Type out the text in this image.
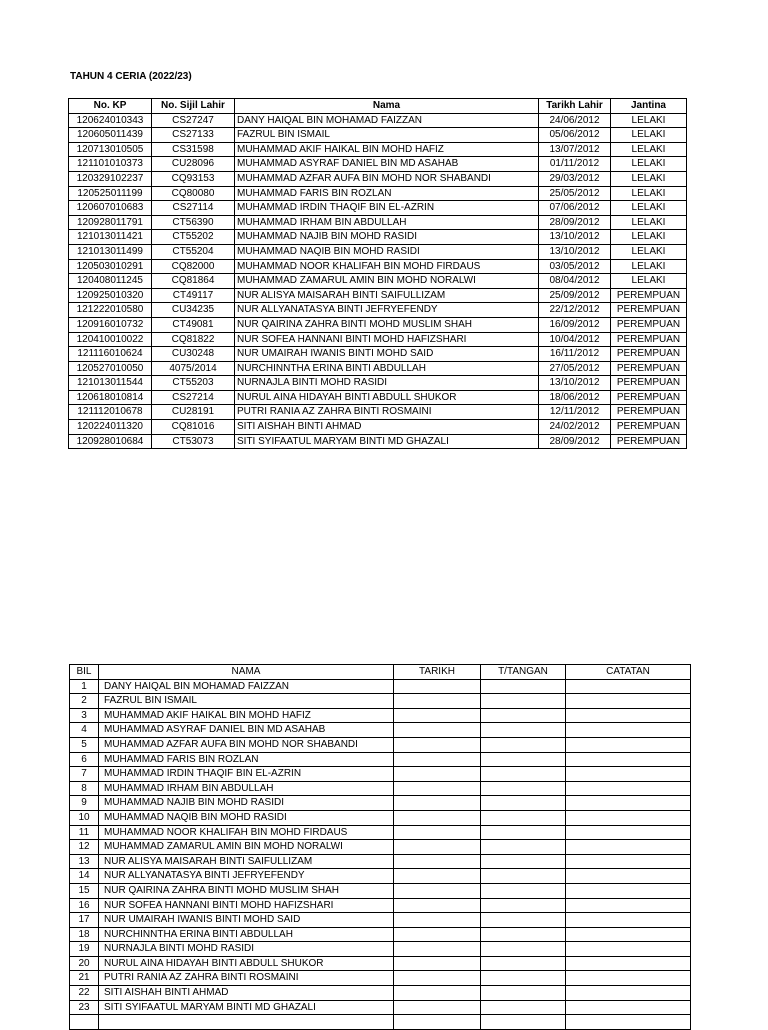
TAHUN 4 CERIA (2022/23)
No. KP	No. Sijil Lahir	Nama	Tarikh Lahir	Jantina
120624010343	CS27247	DANY HAIQAL BIN MOHAMAD FAIZZAN	24/06/2012	LELAKI
120605011439	CS27133	FAZRUL BIN ISMAIL	05/06/2012	LELAKI
120713010505	CS31598	MUHAMMAD AKIF HAIKAL BIN MOHD HAFIZ	13/07/2012	LELAKI
121101010373	CU28096	MUHAMMAD ASYRAF DANIEL BIN MD ASAHAB	01/11/2012	LELAKI
120329102237	CQ93153	MUHAMMAD AZFAR AUFA BIN MOHD NOR SHABANDI	29/03/2012	LELAKI
120525011199	CQ80080	MUHAMMAD FARIS BIN ROZLAN	25/05/2012	LELAKI
120607010683	CS27114	MUHAMMAD IRDIN THAQIF BIN EL-AZRIN	07/06/2012	LELAKI
120928011791	CT56390	MUHAMMAD IRHAM BIN ABDULLAH	28/09/2012	LELAKI
121013011421	CT55202	MUHAMMAD NAJIB BIN MOHD RASIDI	13/10/2012	LELAKI
121013011499	CT55204	MUHAMMAD NAQIB BIN MOHD RASIDI	13/10/2012	LELAKI
120503010291	CQ82000	MUHAMMAD NOOR KHALIFAH BIN MOHD FIRDAUS	03/05/2012	LELAKI
120408011245	CQ81864	MUHAMMAD ZAMARUL AMIN BIN MOHD NORALWI	08/04/2012	LELAKI
120925010320	CT49117	NUR ALISYA MAISARAH BINTI SAIFULLIZAM	25/09/2012	PEREMPUAN
121222010580	CU34235	NUR ALLYANATASYA BINTI JEFRYEFENDY	22/12/2012	PEREMPUAN
120916010732	CT49081	NUR QAIRINA ZAHRA BINTI MOHD MUSLIM SHAH	16/09/2012	PEREMPUAN
120410010022	CQ81822	NUR SOFEA HANNANI BINTI MOHD HAFIZSHARI	10/04/2012	PEREMPUAN
121116010624	CU30248	NUR UMAIRAH IWANIS BINTI MOHD SAID	16/11/2012	PEREMPUAN
120527010050	4075/2014	NURCHINNTHA ERINA BINTI ABDULLAH	27/05/2012	PEREMPUAN
121013011544	CT55203	NURNAJLA BINTI MOHD RASIDI	13/10/2012	PEREMPUAN
120618010814	CS27214	NURUL AINA HIDAYAH BINTI ABDULL SHUKOR	18/06/2012	PEREMPUAN
121112010678	CU28191	PUTRI RANIA AZ ZAHRA BINTI ROSMAINI	12/11/2012	PEREMPUAN
120224011320	CQ81016	SITI AISHAH BINTI AHMAD	24/02/2012	PEREMPUAN
120928010684	CT53073	SITI SYIFAATUL MARYAM BINTI MD GHAZALI	28/09/2012	PEREMPUAN
BIL	NAMA	TARIKH	T/TANGAN	CATATAN
1	DANY HAIQAL BIN MOHAMAD FAIZZAN			
2	FAZRUL BIN ISMAIL			
3	MUHAMMAD AKIF HAIKAL BIN MOHD HAFIZ			
4	MUHAMMAD ASYRAF DANIEL BIN MD ASAHAB			
5	MUHAMMAD AZFAR AUFA BIN MOHD NOR SHABANDI			
6	MUHAMMAD FARIS BIN ROZLAN			
7	MUHAMMAD IRDIN THAQIF BIN EL-AZRIN			
8	MUHAMMAD IRHAM BIN ABDULLAH			
9	MUHAMMAD NAJIB BIN MOHD RASIDI			
10	MUHAMMAD NAQIB BIN MOHD RASIDI			
11	MUHAMMAD NOOR KHALIFAH BIN MOHD FIRDAUS			
12	MUHAMMAD ZAMARUL AMIN BIN MOHD NORALWI			
13	NUR ALISYA MAISARAH BINTI SAIFULLIZAM			
14	NUR ALLYANATASYA BINTI JEFRYEFENDY			
15	NUR QAIRINA ZAHRA BINTI MOHD MUSLIM SHAH			
16	NUR SOFEA HANNANI BINTI MOHD HAFIZSHARI			
17	NUR UMAIRAH IWANIS BINTI MOHD SAID			
18	NURCHINNTHA ERINA BINTI ABDULLAH			
19	NURNAJLA BINTI MOHD RASIDI			
20	NURUL AINA HIDAYAH BINTI ABDULL SHUKOR			
21	PUTRI RANIA AZ ZAHRA BINTI ROSMAINI			
22	SITI AISHAH BINTI AHMAD			
23	SITI SYIFAATUL MARYAM BINTI MD GHAZALI			
